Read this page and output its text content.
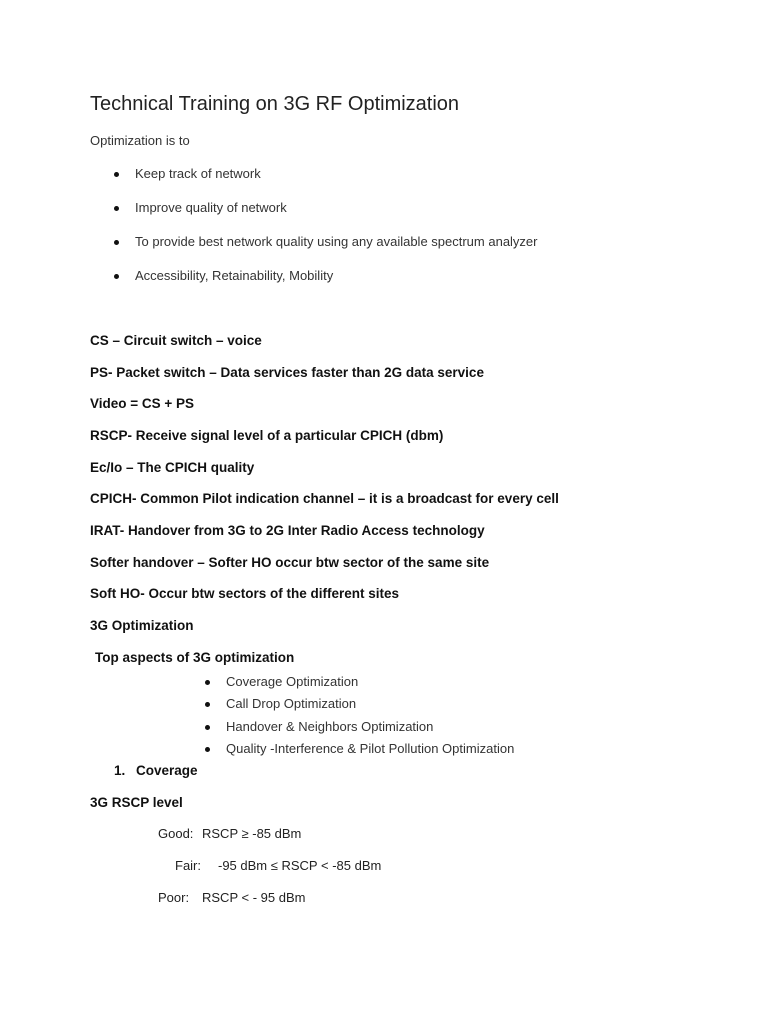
Technical Training on 3G RF Optimization
Optimization is to
Keep track of network
Improve quality of network
To provide best network quality using any available spectrum analyzer
Accessibility, Retainability, Mobility
CS – Circuit switch – voice
PS- Packet switch – Data services faster than 2G data service
Video = CS + PS
RSCP- Receive signal level of a particular CPICH (dbm)
Ec/Io – The CPICH quality
CPICH- Common Pilot indication channel – it is a broadcast for every cell
IRAT- Handover from 3G to 2G Inter Radio Access technology
Softer handover – Softer HO occur btw sector of the same site
Soft HO- Occur btw sectors of the different sites
3G Optimization
Top aspects of 3G optimization
Coverage Optimization
Call Drop Optimization
Handover & Neighbors Optimization
Quality -Interference & Pilot Pollution Optimization
1. Coverage
3G RSCP level
Good: RSCP ≥ -85 dBm
Fair: -95 dBm ≤ RSCP < -85 dBm
Poor: RSCP < - 95 dBm
